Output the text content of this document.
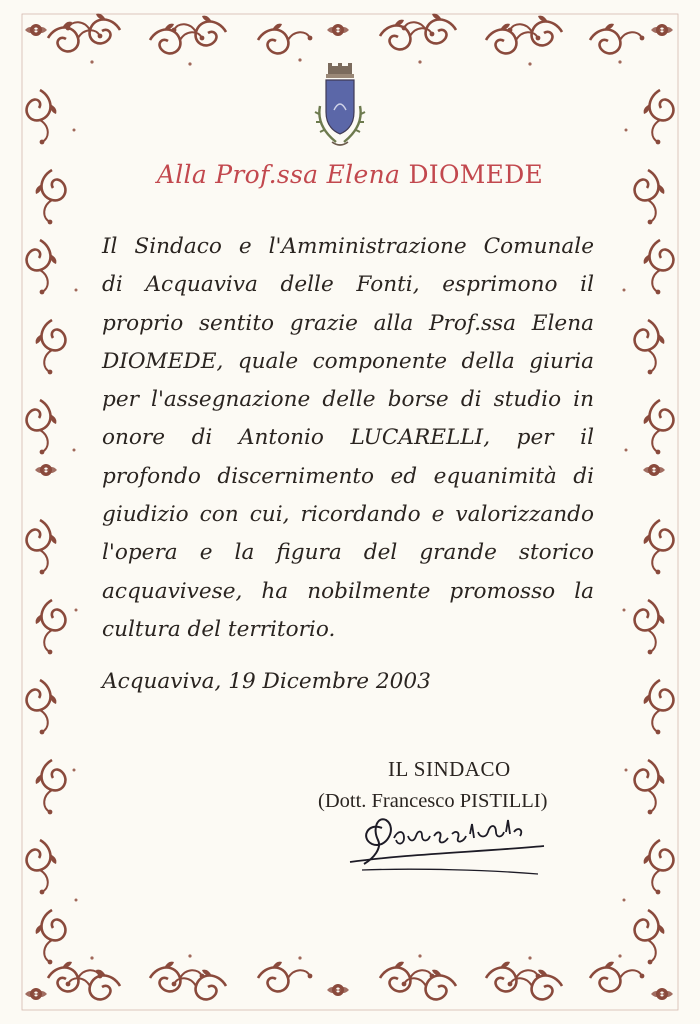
Alla Prof.ssa Elena DIOMEDE
Il Sindaco e l'Amministrazione Comunale
di Acquaviva delle Fonti, esprimono il
proprio sentito grazie alla Prof.ssa Elena
DIOMEDE, quale componente della giuria
per l'assegnazione delle borse di studio in
onore di Antonio LUCARELLI, per il
profondo discernimento ed equanimità di
giudizio con cui, ricordando e valorizzando
l'opera e la figura del grande storico
acquavivese, ha nobilmente promosso la
cultura del territorio.
Acquaviva, 19 Dicembre 2003
IL SINDACO
(Dott. Francesco PISTILLI)
